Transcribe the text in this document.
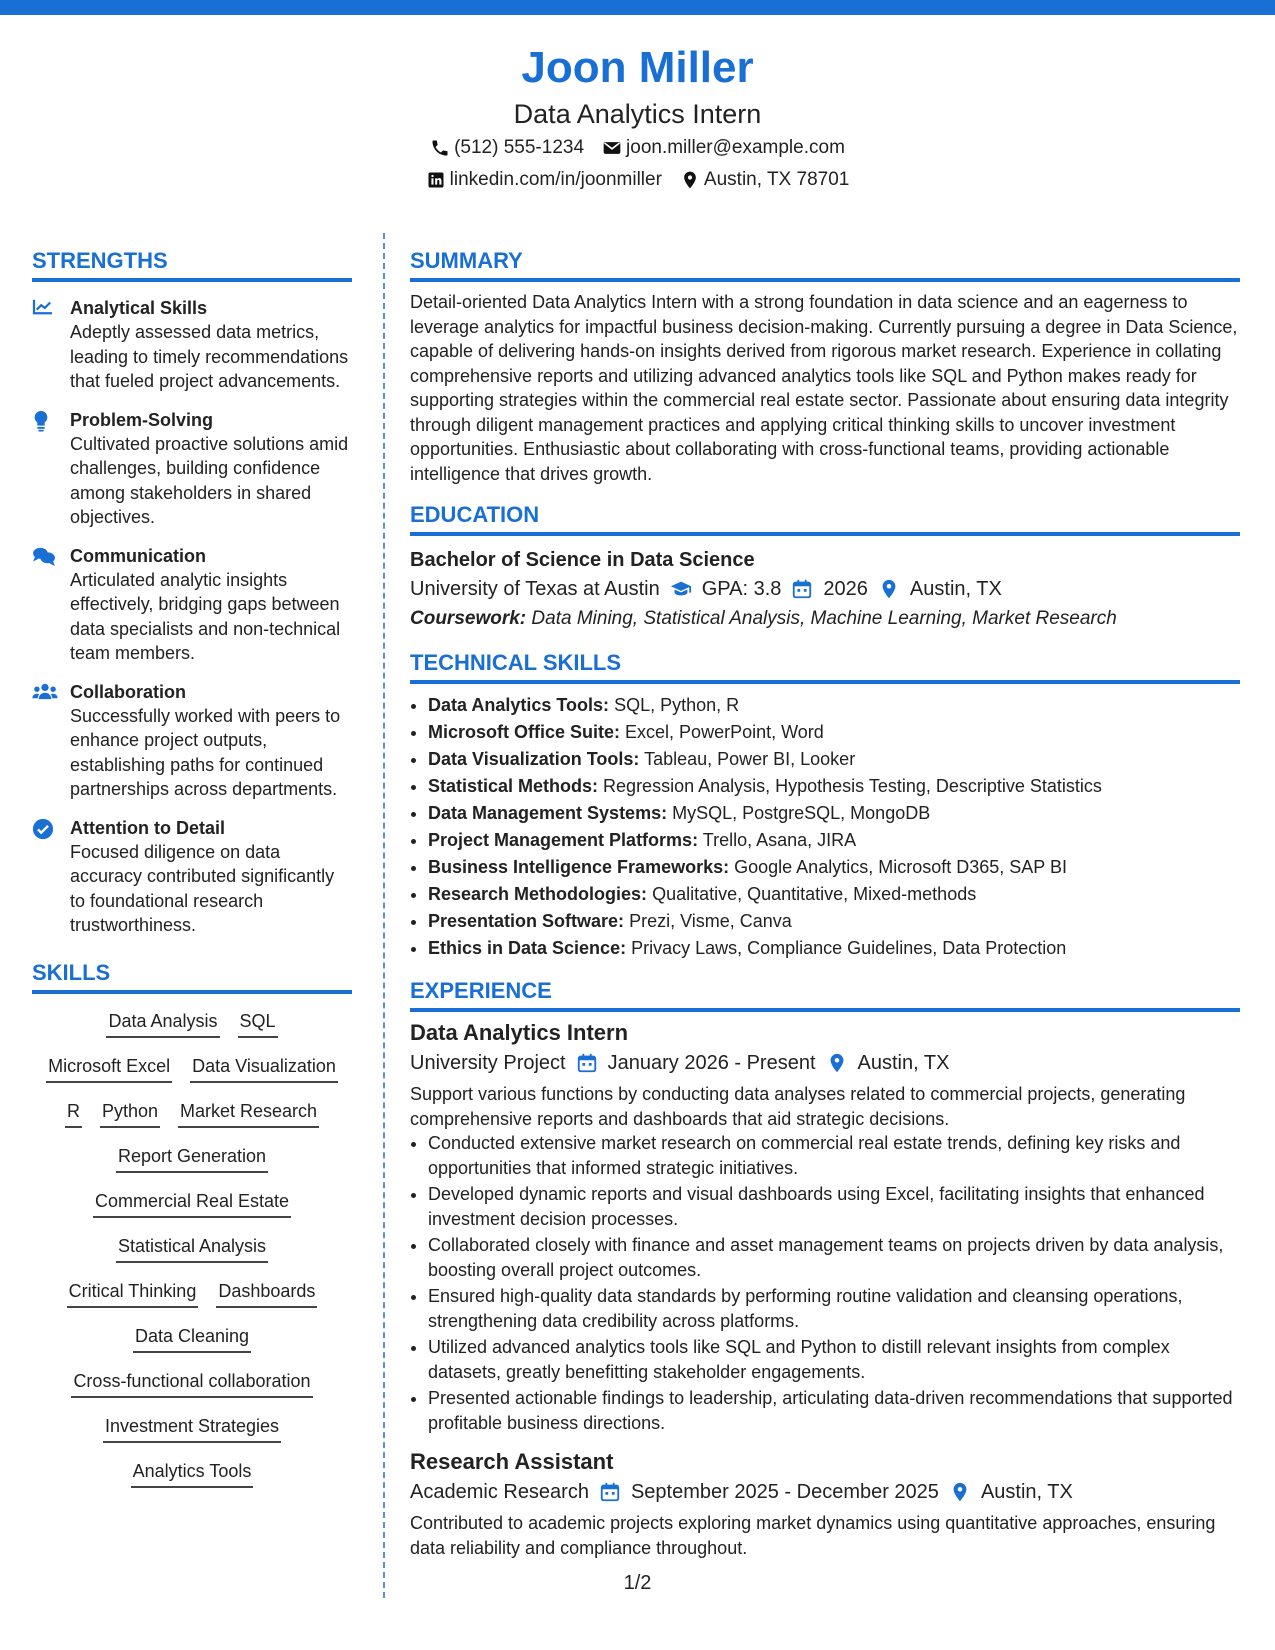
Joon Miller
Data Analytics Intern
(512) 555-1234 joon.miller@example.com
linkedin.com/in/joonmiller Austin, TX 78701
STRENGTHS
Analytical Skills
Adeptly assessed data metrics, leading to timely recommendations that fueled project advancements.
Problem-Solving
Cultivated proactive solutions amid challenges, building confidence among stakeholders in shared objectives.
Communication
Articulated analytic insights effectively, bridging gaps between data specialists and non-technical team members.
Collaboration
Successfully worked with peers to enhance project outputs, establishing paths for continued partnerships across departments.
Attention to Detail
Focused diligence on data accuracy contributed significantly to foundational research trustworthiness.
SKILLS
Data Analysis SQL
Microsoft Excel Data Visualization
R Python Market Research
Report Generation
Commercial Real Estate
Statistical Analysis
Critical Thinking Dashboards
Data Cleaning
Cross-functional collaboration
Investment Strategies
Analytics Tools
SUMMARY

Detail-oriented Data Analytics Intern with a strong foundation in data science and an eagerness to leverage analytics for impactful business decision-making. Currently pursuing a degree in Data Science, capable of delivering hands-on insights derived from rigorous market research. Experience in collating comprehensive reports and utilizing advanced analytics tools like SQL and Python makes ready for supporting strategies within the commercial real estate sector. Passionate about ensuring data integrity through diligent management practices and applying critical thinking skills to uncover investment opportunities. Enthusiastic about collaborating with cross-functional teams, providing actionable intelligence that drives growth.

EDUCATION
Bachelor of Science in Data Science
University of Texas at Austin GPA: 3.8 2026 Austin, TX
Coursework: Data Mining, Statistical Analysis, Machine Learning, Market Research
TECHNICAL SKILLS
• Data Analytics Tools: SQL, Python, R
• Microsoft Office Suite: Excel, PowerPoint, Word
• Data Visualization Tools: Tableau, Power BI, Looker
• Statistical Methods: Regression Analysis, Hypothesis Testing, Descriptive Statistics
• Data Management Systems: MySQL, PostgreSQL, MongoDB
• Project Management Platforms: Trello, Asana, JIRA
• Business Intelligence Frameworks: Google Analytics, Microsoft D365, SAP BI
• Research Methodologies: Qualitative, Quantitative, Mixed-methods
• Presentation Software: Prezi, Visme, Canva
• Ethics in Data Science: Privacy Laws, Compliance Guidelines, Data Protection
EXPERIENCE
Data Analytics Intern
University Project January 2026 - Present Austin, TX
Support various functions by conducting data analyses related to commercial projects, generating comprehensive reports and dashboards that aid strategic decisions.
• Conducted extensive market research on commercial real estate trends, defining key risks and opportunities that informed strategic initiatives.
• Developed dynamic reports and visual dashboards using Excel, facilitating insights that enhanced investment decision processes.
• Collaborated closely with finance and asset management teams on projects driven by data analysis, boosting overall project outcomes.
• Ensured high-quality data standards by performing routine validation and cleansing operations, strengthening data credibility across platforms.
• Utilized advanced analytics tools like SQL and Python to distill relevant insights from complex datasets, greatly benefitting stakeholder engagements.
• Presented actionable findings to leadership, articulating data-driven recommendations that supported profitable business directions.
Research Assistant
Academic Research September 2025 - December 2025 Austin, TX
Contributed to academic projects exploring market dynamics using quantitative approaches, ensuring data reliability and compliance throughout.
1/2
